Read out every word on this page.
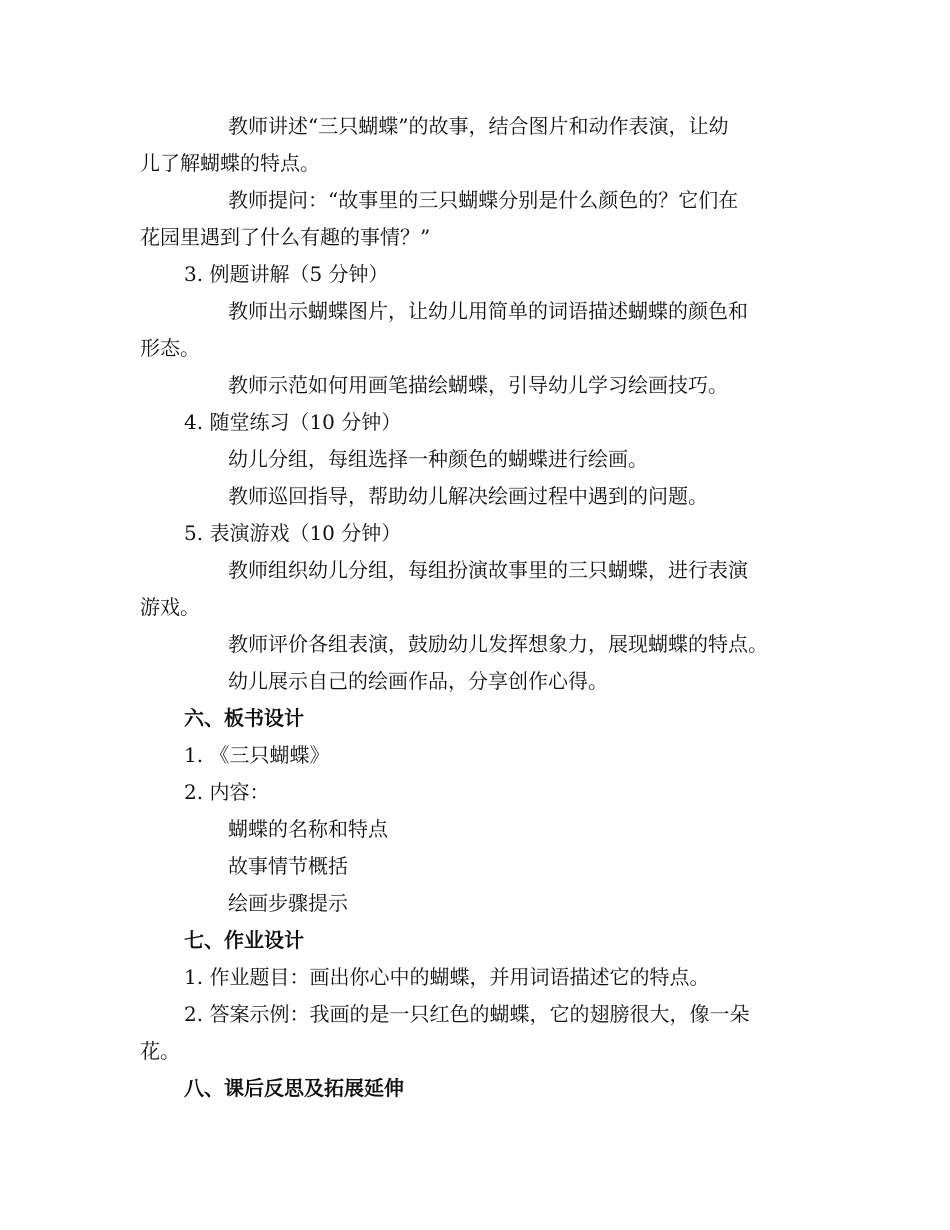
教师讲述“三只蝴蝶”的故事，结合图片和动作表演，让幼
儿了解蝴蝶的特点。
教师提问：“故事里的三只蝴蝶分别是什么颜色的？它们在
花园里遇到了什么有趣的事情？”
3. 例题讲解（5 分钟）
教师出示蝴蝶图片，让幼儿用简单的词语描述蝴蝶的颜色和
形态。
教师示范如何用画笔描绘蝴蝶，引导幼儿学习绘画技巧。
4. 随堂练习（10 分钟）
幼儿分组，每组选择一种颜色的蝴蝶进行绘画。
教师巡回指导，帮助幼儿解决绘画过程中遇到的问题。
5. 表演游戏（10 分钟）
教师组织幼儿分组，每组扮演故事里的三只蝴蝶，进行表演
游戏。
教师评价各组表演，鼓励幼儿发挥想象力，展现蝴蝶的特点。
幼儿展示自己的绘画作品，分享创作心得。
六、板书设计
1. 《三只蝴蝶》
2. 内容：
蝴蝶的名称和特点
故事情节概括
绘画步骤提示
七、作业设计
1. 作业题目：画出你心中的蝴蝶，并用词语描述它的特点。
2. 答案示例：我画的是一只红色的蝴蝶，它的翅膀很大，像一朵
花。
八、课后反思及拓展延伸
